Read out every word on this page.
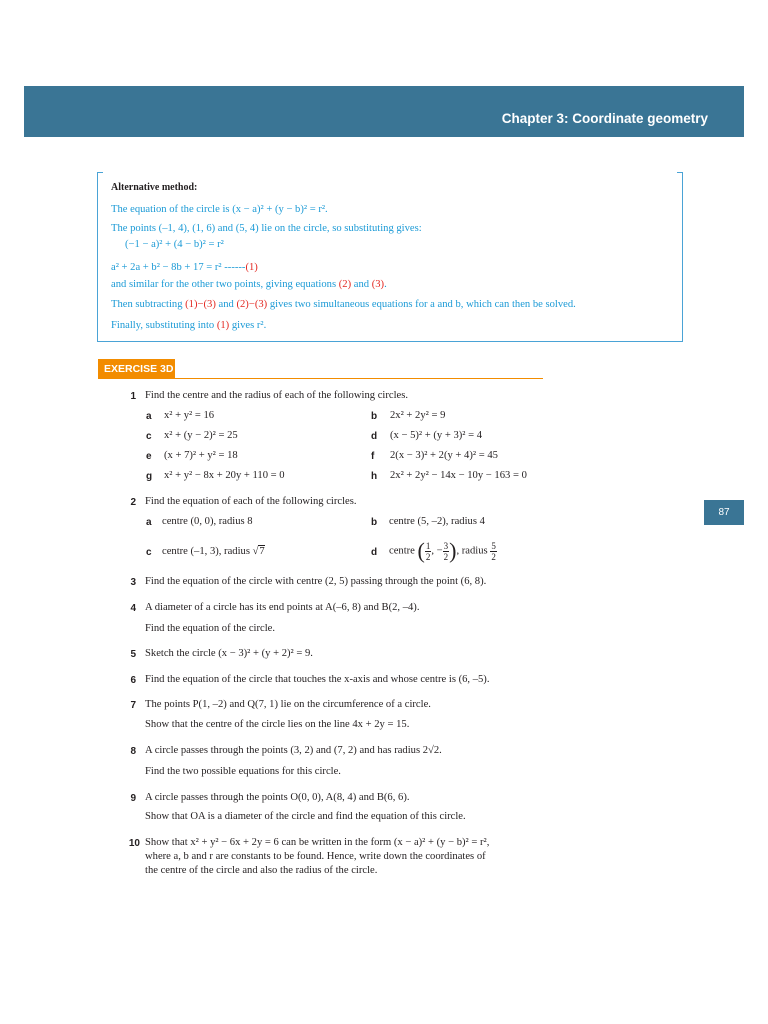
Chapter 3: Coordinate geometry
Alternative method:
The equation of the circle is (x − a)² + (y − b)² = r².
The points (–1, 4), (1, 6) and (5, 4) lie on the circle, so substituting gives:
(−1 − a)² + (4 − b)² = r²
a² + 2a + b² − 8b + 17 = r² ------(1)
and similar for the other two points, giving equations (2) and (3).
Then subtracting (1)−(3) and (2)−(3) gives two simultaneous equations for a and b, which can then be solved.
Finally, substituting into (1) gives r².
EXERCISE 3D
1 Find the centre and the radius of each of the following circles.
a x² + y² = 16	b 2x² + 2y² = 9
c x² + (y − 2)² = 25	d (x − 5)² + (y + 3)² = 4
e (x + 7)² + y² = 18	f 2(x − 3)² + 2(y + 4)² = 45
g x² + y² − 8x + 20y + 110 = 0	h 2x² + 2y² − 14x − 10y − 163 = 0
2 Find the equation of each of the following circles.
a centre (0, 0), radius 8	b centre (5, –2), radius 4
c centre (–1, 3), radius √7	d centre ( $\frac{1}{2}$ , − $\frac{3}{2}$ ), radius $\frac{5}{2}$
3 Find the equation of the circle with centre (2, 5) passing through the point (6, 8).
4 A diameter of a circle has its end points at A(–6, 8) and B(2, –4).
Find the equation of the circle.
5 Sketch the circle (x − 3)² + (y + 2)² = 9.
6 Find the equation of the circle that touches the x-axis and whose centre is (6, –5).
7 The points P(1, –2) and Q(7, 1) lie on the circumference of a circle.
Show that the centre of the circle lies on the line 4x + 2y = 15.
8 A circle passes through the points (3, 2) and (7, 2) and has radius 2√2.
Find the two possible equations for this circle.
9 A circle passes through the points O(0, 0), A(8, 4) and B(6, 6).
Show that OA is a diameter of the circle and find the equation of this circle.
10 Show that x² + y² − 6x + 2y = 6 can be written in the form (x − a)² + (y − b)² = r²,
where a, b and r are constants to be found. Hence, write down the coordinates of
the centre of the circle and also the radius of the circle.
87
